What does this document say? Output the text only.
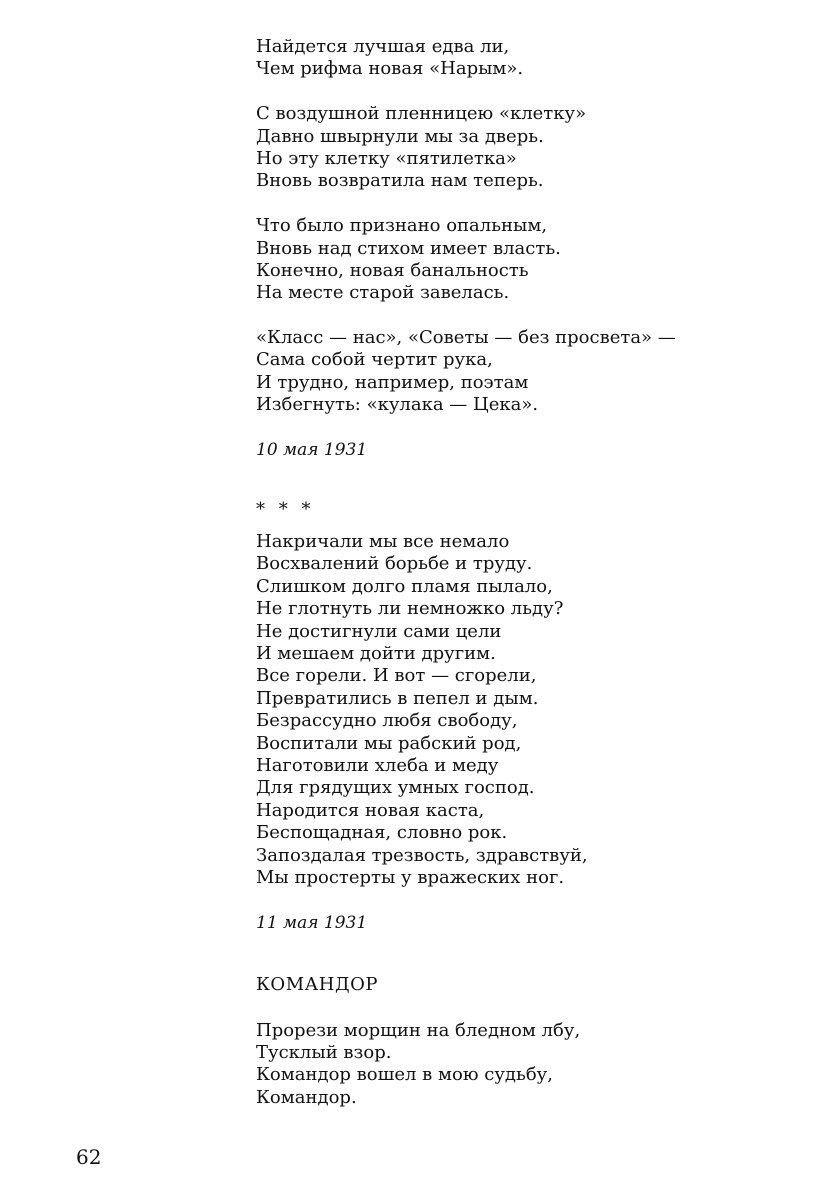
Найдется лучшая едва ли,
Чем рифма новая «Нарым».
С воздушной пленницею «клетку»
Давно швырнули мы за дверь.
Но эту клетку «пятилетка»
Вновь возвратила нам теперь.
Что было признано опальным,
Вновь над стихом имеет власть.
Конечно, новая банальность
На месте старой завелась.
«Класс — нас», «Советы — без просвета» —
Сама собой чертит рука,
И трудно, например, поэтам
Избегнуть: «кулака — Цека».
10 мая 1931
* * *
Накричали мы все немало
Восхвалений борьбе и труду.
Слишком долго пламя пылало,
Не глотнуть ли немножко льду?
Не достигнули сами цели
И мешаем дойти другим.
Все горели. И вот — сгорели,
Превратились в пепел и дым.
Безрассудно любя свободу,
Воспитали мы рабский род,
Наготовили хлеба и меду
Для грядущих умных господ.
Народится новая каста,
Беспощадная, словно рок.
Запоздалая трезвость, здравствуй,
Мы простерты у вражеских ног.
11 мая 1931
КОМАНДОР
Прорези морщин на бледном лбу,
Тусклый взор.
Командор вошел в мою судьбу,
Командор.
62
